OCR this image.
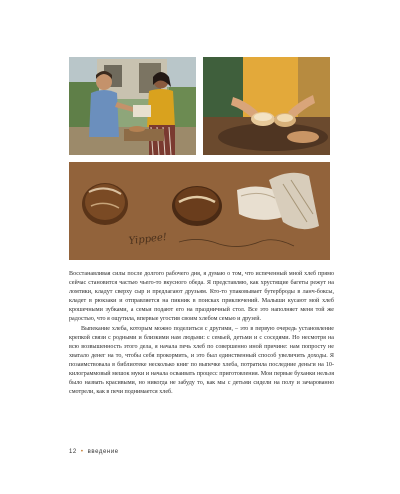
Yippee!

Восстанавливая силы после долгого рабочего дня, я думаю о том, что испеченный мной хлеб прямо сейчас становится частью чьего-то вкусного обеда. Я представляю, как хрустящие багеты режут на ломтики, кладут сверху сыр и предлагают друзьям. Кто-то упаковывает бутерброды в ланч-боксы, кладет в рюкзаки и отправляется на пикник в поисках приключений. Малыши кусают мой хлеб крошечными зубками, а семьи подают его на праздничный стол. Все это наполняет меня той же радостью, что я ощутила, впервые угостив своим хлебом семью и друзей.

Выпекание хлеба, которым можно поделиться с другими, – это в первую очередь установление крепкой связи с родными и близкими нам людьми: с семьей, детьми и с соседями. Но несмотря на всю возвышенность этого дела, я начала печь хлеб по совершенно иной причине: нам попросту не хватало денег на то, чтобы себя прокормить, и это был единственный способ увеличить доходы. Я позаимствовала в библиотеке несколько книг по выпечке хлеба, потратила последние деньги на 10-килограммовый мешок муки и начала осваивать процесс приготовления. Мои первые буханки нельзя было назвать красивыми, но никогда не забуду то, как мы с детьми сидели на полу и зачарованно смотрели, как в печи поднимается хлеб.

12 • введение
